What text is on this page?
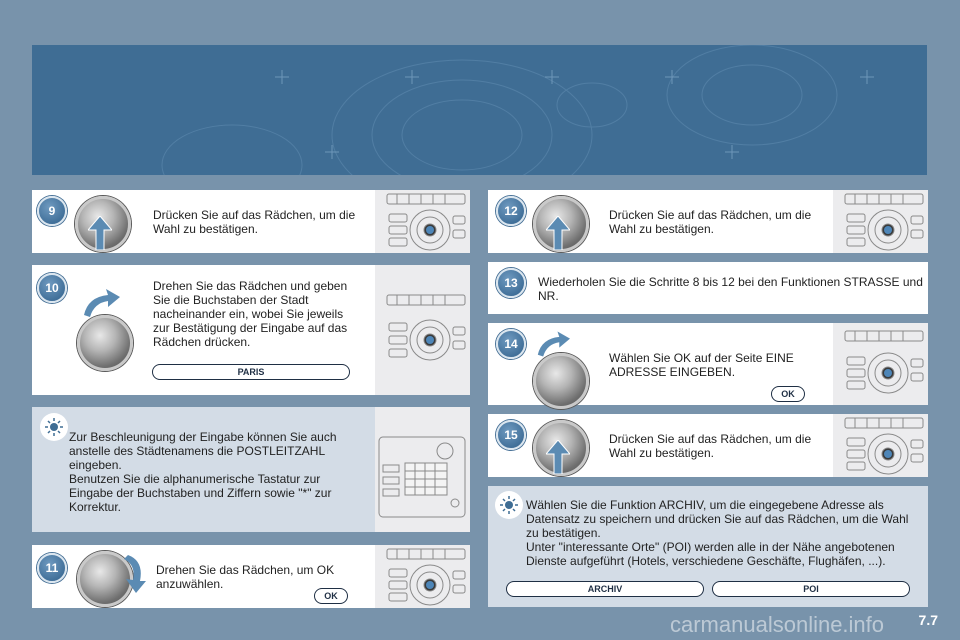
9	Drücken Sie auf das Rädchen, um die Wahl zu bestätigen.
10	Drehen Sie das Rädchen und geben Sie die Buchstaben der Stadt nacheinander ein, wobei Sie jeweils zur Bestätigung der Eingabe auf das Rädchen drücken.
PARIS
Zur Beschleunigung der Eingabe können Sie auch anstelle des Städtenamens die POSTLEITZAHL eingeben.
Benutzen Sie die alphanumerische Tastatur zur Eingabe der Buchstaben und Ziffern sowie "*" zur Korrektur.
11	Drehen Sie das Rädchen, um OK anzuwählen.
OK
12	Drücken Sie auf das Rädchen, um die Wahl zu bestätigen.
13	Wiederholen Sie die Schritte 8 bis 12 bei den Funktionen STRASSE und NR.
14
Wählen Sie OK auf der Seite EINE ADRESSE EINGEBEN.
OK
15	Drücken Sie auf das Rädchen, um die Wahl zu bestätigen.
Wählen Sie die Funktion ARCHIV, um die eingegebene Adresse als Datensatz zu speichern und drücken Sie auf das Rädchen, um die Wahl zu bestätigen.
Unter "interessante Orte" (POI) werden alle in der Nähe angebotenen Dienste aufgeführt (Hotels, verschiedene Geschäfte, Flughäfen, ...).
ARCHIV	POI
carmanualsonline.info 7.7
